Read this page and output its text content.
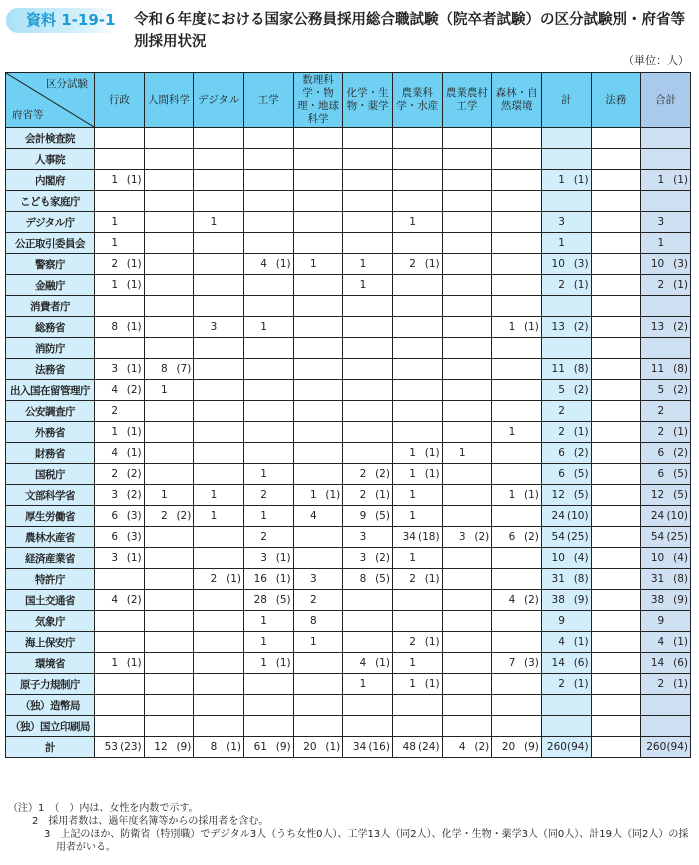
資料 1-19-1 令和６年度における国家公務員採用総合職試験（院卒者試験）の区分試験別・府省等別採用状況
（単位：人）
区分試験
府省等	行政	人間科学	デジタル	工学	数理科学・物理・地球科学	化学・生物・薬学	農業科学・水産	農業農村工学	森林・自然環境	計	法務	合計
会計検査院												
人事院												
内閣府	1 (1)									1 (1)		1 (1)

こども家庭庁												
デジタル庁	1		1				1			3		3

公正取引委員会	1									1		1

警察庁	2 (1)			4 (1)	1	1	2 (1)			10 (3)		10 (3)

金融庁	1 (1)					1				2 (1)		2 (1)

消費者庁												
総務省	8 (1)		3	1					1 (1)	13 (2)		13 (2)

消防庁												
法務省	3 (1)	8 (7)								11 (8)		11 (8)

出入国在留管理庁	4 (2)	1								5 (2)		5 (2)

公安調査庁	2									2		2

外務省	1 (1)								1	2 (1)		2 (1)

財務省	4 (1)						1 (1)	1		6 (2)		6 (2)

国税庁	2 (2)			1		2 (2)	1 (1)			6 (5)		6 (5)

文部科学省	3 (2)	1	1	2	1 (1)	2 (1)	1		1 (1)	12 (5)		12 (5)

厚生労働省	6 (3)	2 (2)	1	1	4	9 (5)	1			24 (10)		24 (10)

農林水産省	6 (3)			2		3	34 (18)	3 (2)	6 (2)	54 (25)		54 (25)

経済産業省	3 (1)			3 (1)		3 (2)	1			10 (4)		10 (4)

特許庁			2 (1)	16 (1)	3	8 (5)	2 (1)			31 (8)		31 (8)

国土交通省	4 (2)			28 (5)	2				4 (2)	38 (9)		38 (9)

気象庁				1	8					9		9

海上保安庁				1	1		2 (1)			4 (1)		4 (1)

環境省	1 (1)			1 (1)		4 (1)	1		7 (3)	14 (6)		14 (6)

原子力規制庁						1	1 (1)			2 (1)		2 (1)

（独）造幣局												
（独）国立印刷局												
計	53 (23)	12 (9)	8 (1)	61 (9)	20 (1)	34 (16)	48 (24)	4 (2)	20 (9)	260 (94)		260 (94)
（注）1　（　）内は、女性を内数で示す。
2　採用者数は、過年度名簿等からの採用者を含む。
3　上記のほか、防衛省（特別職）でデジタル3人（うち女性0人）、工学13人（同2人）、化学・生物・薬学3人（同0人）、計19人（同2人）の採用者がいる。
